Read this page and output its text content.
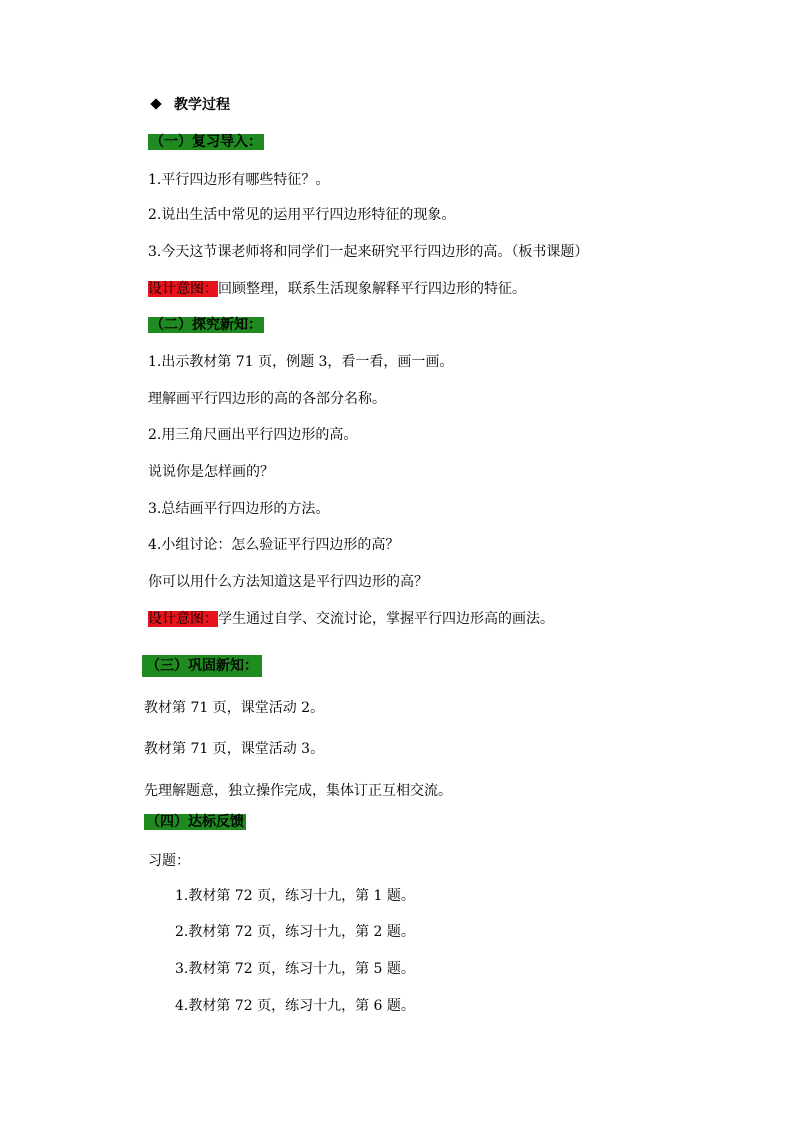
教学过程
（一）复习导入：
1.平行四边形有哪些特征？。
2.说出生活中常见的运用平行四边形特征的现象。
3.今天这节课老师将和同学们一起来研究平行四边形的高。（板书课题）
设计意图：回顾整理，联系生活现象解释平行四边形的特征。
（二）探究新知：
1.出示教材第 71 页，例题 3，看一看，画一画。
理解画平行四边形的高的各部分名称。
2.用三角尺画出平行四边形的高。
说说你是怎样画的？
3.总结画平行四边形的方法。
4.小组讨论：怎么验证平行四边形的高？
你可以用什么方法知道这是平行四边形的高？
设计意图：学生通过自学、交流讨论，掌握平行四边形高的画法。
（三）巩固新知：
教材第 71 页，课堂活动 2。
教材第 71 页，课堂活动 3。
先理解题意，独立操作完成，集体订正互相交流。
（四）达标反馈
习题：
1.教材第 72 页，练习十九，第 1 题。
2.教材第 72 页，练习十九，第 2 题。
3.教材第 72 页，练习十九，第 5 题。
4.教材第 72 页，练习十九，第 6 题。
